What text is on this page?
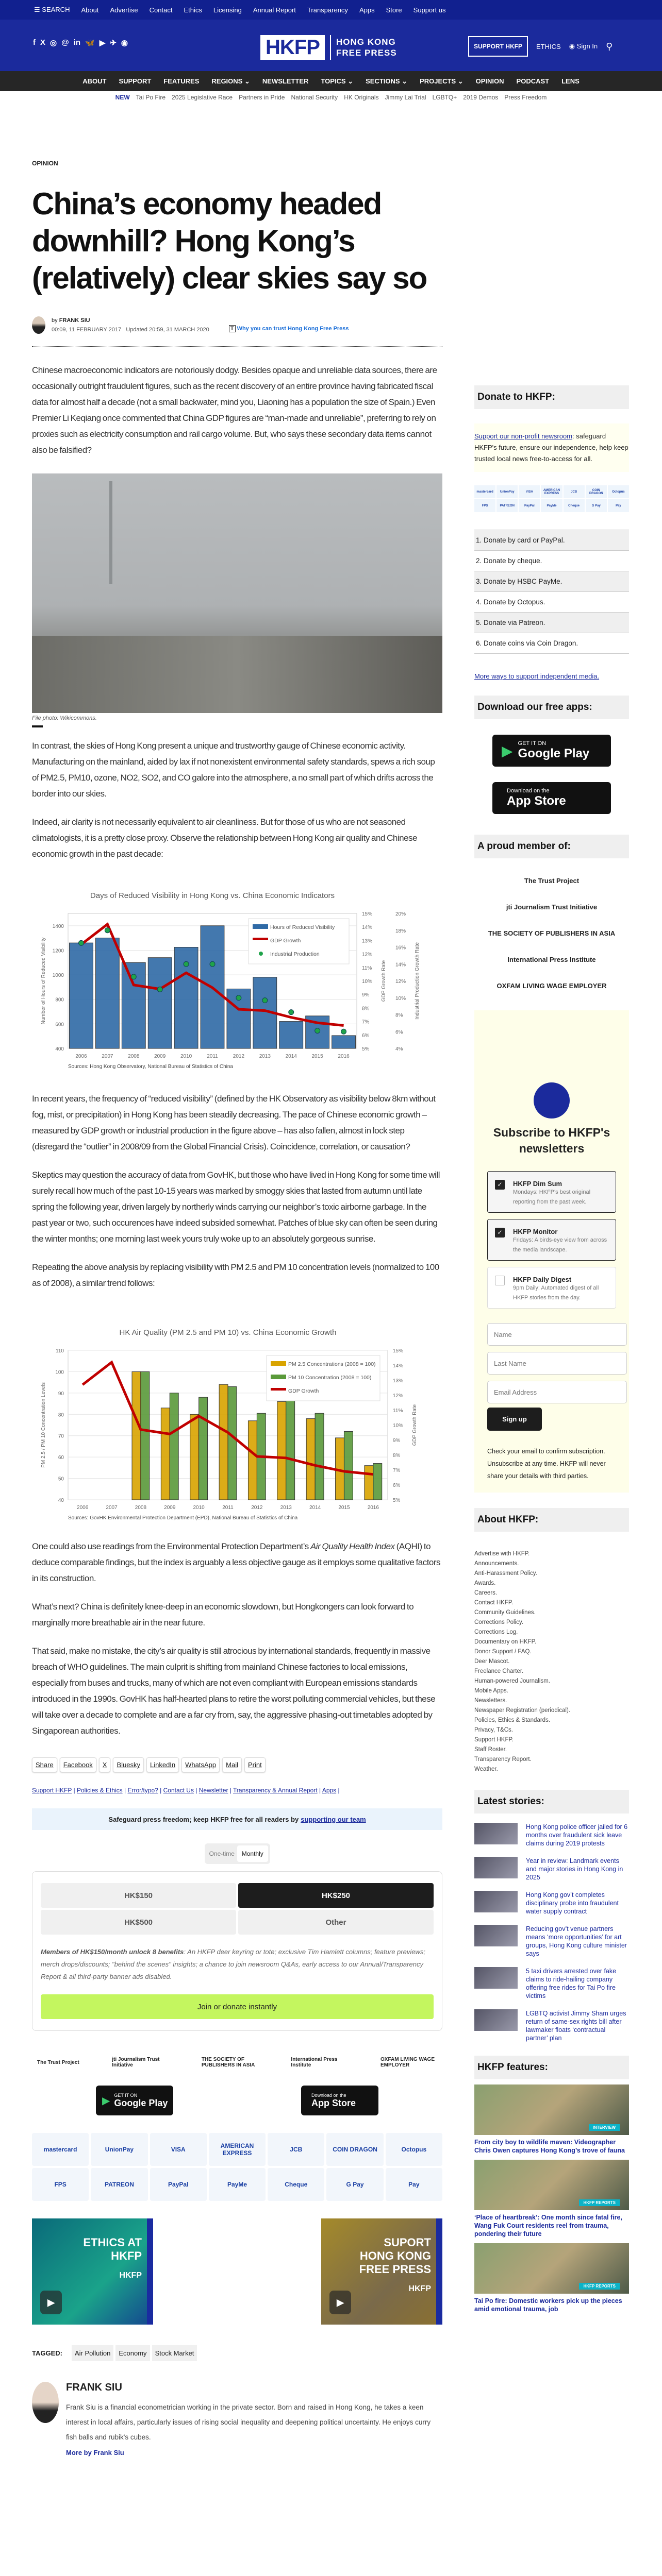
☰ SEARCH About Advertise Contact Ethics Licensing Annual Report Transparency Apps Store Support us
f X ◎ @ in 🦋 ▶ ✈ ◉	HKFP	HONG KONG
FREE PRESS
SUPPORT HKFP	ETHICS ◉ Sign In ⚲
ABOUT SUPPORT FEATURES REGIONS ⌄ NEWSLETTER TOPICS ⌄ SECTIONS ⌄ PROJECTS ⌄ OPINION PODCAST LENS
NEW Tai Po Fire 2025 Legislative Race Partners in Pride National Security HK Originals Jimmy Lai Trial LGBTQ+ 2019 Demos Press Freedom
OPINION
China’s economy headed downhill? Hong Kong’s (relatively) clear skies say so
by FRANK SIU
00:09, 11 FEBRUARY 2017 Updated 20:59, 31 MARCH 2020	T Why you can trust Hong Kong Free Press

Chinese macroeconomic indicators are notoriously dodgy. Besides opaque and unreliable data sources, there are occasionally outright fraudulent figures, such as the recent discovery of an entire province having fabricated fiscal data for almost half a decade (not a small backwater, mind you, Liaoning has a population the size of Spain.) Even Premier Li Keqiang once commented that China GDP figures are “man-made and unreliable”, preferring to rely on proxies such as electricity consumption and rail cargo volume. But, who says these secondary data items cannot also be falsified?

File photo: Wikicommons.

In contrast, the skies of Hong Kong present a unique and trustworthy gauge of Chinese economic activity. Manufacturing on the mainland, aided by lax if not nonexistent environmental safety standards, spews a rich soup of PM2.5, PM10, ozone, NO2, SO2, and CO galore into the atmosphere, a no small part of which drifts across the border into our skies.

Indeed, air clarity is not necessarily equivalent to air cleanliness. But for those of us who are not seasoned climatologists, it is a pretty close proxy. Observe the relationship between Hong Kong air quality and Chinese economic growth in the past decade:

Days of Reduced Visibility in Hong Kong vs. China Economic Indicators
400
600
800
1000
1200
1400
5%
6%
7%
8%
9%
10%
11%
12%
13%
14%
15%
4%
6%
8%
10%
12%
14%
16%
18%
20%
Industrial Production Growth Rate
Number of Hours of Reduced Visibility	GDP Growth Rate
2006	2007	2008	2009	2010	2011	2012	2013	2014	2015	2016
Hours of Reduced Visibility
GDP Growth
Industrial Production
Sources: Hong Kong Observatory, National Bureau of Statistics of China

In recent years, the frequency of “reduced visibility” (defined by the HK Observatory as visibility below 8km without fog, mist, or precipitation) in Hong Kong has been steadily decreasing. The pace of Chinese economic growth – measured by GDP growth or industrial production in the figure above – has also fallen, almost in lock step (disregard the “outlier” in 2008/09 from the Global Financial Crisis). Coincidence, correlation, or causation?

Skeptics may question the accuracy of data from GovHK, but those who have lived in Hong Kong for some time will surely recall how much of the past 10-15 years was marked by smoggy skies that lasted from autumn until late spring the following year, driven largely by northerly winds carrying our neighbor’s toxic airborne garbage. In the past year or two, such occurences have indeed subsided somewhat. Patches of blue sky can often be seen during the winter months; one morning last week yours truly woke up to an absolutely gorgeous sunrise.

Repeating the above analysis by replacing visibility with PM 2.5 and PM 10 concentration levels (normalized to 100 as of 2008), a similar trend follows:

HK Air Quality (PM 2.5 and PM 10) vs. China Economic Growth
40
50
60
70
80
90
100
110
5%
6%
7%
8%
9%
10%
11%
12%
13%
14%
15%
PM 2.5 / PM 10 Concentration Levels	GDP Growth Rate
2006	2007	2008	2009	2010	2011	2012	2013	2014	2015	2016
PM 2.5 Concentrations (2008 = 100)
PM 10 Concentration (2008 = 100)
GDP Growth
Sources: GovHK Environmental Protection Department (EPD), National Bureau of Statistics of China

One could also use readings from the Environmental Protection Department’s Air Quality Health Index (AQHI) to deduce comparable findings, but the index is arguably a less objective gauge as it employs some qualitative factors in its construction.

What’s next? China is definitely knee-deep in an economic slowdown, but Hongkongers can look forward to marginally more breathable air in the near future.

That said, make no mistake, the city’s air quality is still atrocious by international standards, frequently in massive breach of WHO guidelines. The main culprit is shifting from mainland Chinese factories to local emissions, especially from buses and trucks, many of which are not even compliant with European emissions standards introduced in the 1990s. GovHK has half-hearted plans to retire the worst polluting commercial vehicles, but these will take over a decade to complete and are a far cry from, say, the aggressive phasing-out timetables adopted by Singaporean authorities.

Share	Facebook	X	Bluesky	LinkedIn	WhatsApp	Mail	Print
Support HKFP | Policies & Ethics | Error/typo? | Contact Us | Newsletter | Transparency & Annual Report | Apps |
Safeguard press freedom; keep HKFP free for all readers by supporting our team
One-time	Monthly
HK$150	HK$250
HK$500	Other

Members of HK$150/month unlock 8 benefits: An HKFP deer keyring or tote; exclusive Tim Hamlett columns; feature previews; merch drops/discounts; "behind the scenes" insights; a chance to join newsroom Q&As, early access to our Annual/Transparency Report & all third-party banner ads disabled.

Join or donate instantly
The Trust Project	jti Journalism Trust Initiative
THE SOCIETY OF PUBLISHERS IN ASIA
International Press Institute
OXFAM LIVING WAGE EMPLOYER
▶ GET IT ON
Google Play
Download on the
App Store
mastercard	UnionPay	VISA	AMERICAN EXPRESS	JCB	COIN DRAGON	Octopus
FPS	PATREON	PayPal	PayMe	Cheque	G Pay	Pay
ETHICS AT HKFP
HKFP
▶
SUPORT HONG KONG FREE PRESS
HKFP
▶
TAGGED:	Air Pollution	Economy	Stock Market
FRANK SIU

Frank Siu is a financial econometrician working in the private sector. Born and raised in Hong Kong, he takes a keen interest in local affairs, particularly issues of rising social inequality and deepening political uncertainty. He enjoys curry fish balls and rubik's cubes.

More by Frank Siu
Donate to HKFP:
Support our non-profit newsroom: safeguard HKFP's future, ensure our independence, help keep trusted local news free-to-access for all.
mastercard	UnionPay	VISA	AMERICAN EXPRESS	JCB	COIN DRAGON	Octopus
FPS	PATREON	PayPal	PayMe	Cheque	G Pay	Pay
1. Donate by card or PayPal.
2. Donate by cheque.
3. Donate by HSBC PayMe.
4. Donate by Octopus.
5. Donate via Patreon.
6. Donate coins via Coin Dragon.
More ways to support independent media.
Download our free apps:
▶ GET IT ON
Google Play
Download on the
App Store
A proud member of:
The Trust Project
jti Journalism Trust Initiative
THE SOCIETY OF PUBLISHERS IN ASIA
International Press Institute
OXFAM LIVING WAGE EMPLOYER
Subscribe to HKFP's newsletters
✓	HKFP Dim Sum
Mondays: HKFP's best original reporting from the past week.
✓	HKFP Monitor
Fridays: A birds-eye view from across the media landscape.
HKFP Daily Digest
9pm Daily: Automated digest of all HKFP stories from the day.
Name
Last Name
Email Address Sign up

Check your email to confirm subscription. Unsubscribe at any time. HKFP will never share your details with third parties.

About HKFP:
Advertise with HKFP.
Announcements.
Anti-Harassment Policy.
Awards.
Careers.
Contact HKFP.
Community Guidelines.
Corrections Policy.
Corrections Log.
Documentary on HKFP.
Donor Support / FAQ.
Deer Mascot.
Freelance Charter.
Human-powered Journalism.
Mobile Apps.
Newsletters.
Newspaper Registration (periodical).
Policies, Ethics & Standards.
Privacy, T&Cs.
Support HKFP.
Staff Roster.
Transparency Report.
Weather.
Latest stories:
Hong Kong police officer jailed for 6 months over fraudulent sick leave claims during 2019 protests
Year in review: Landmark events and major stories in Hong Kong in 2025
Hong Kong gov’t completes disciplinary probe into fraudulent water supply contract
Reducing gov’t venue partners means ‘more opportunities’ for art groups, Hong Kong culture minister says
5 taxi drivers arrested over fake claims to ride-hailing company offering free rides for Tai Po fire victims
LGBTQ activist Jimmy Sham urges return of same-sex rights bill after lawmaker floats ‘contractual partner’ plan
HKFP features:
INTERVIEW
From city boy to wildlife maven: Videographer Chris Owen captures Hong Kong’s trove of fauna
HKFP REPORTS
‘Place of heartbreak’: One month since fatal fire, Wang Fuk Court residents reel from trauma, pondering their future
HKFP REPORTS
Tai Po fire: Domestic workers pick up the pieces amid emotional trauma, job
